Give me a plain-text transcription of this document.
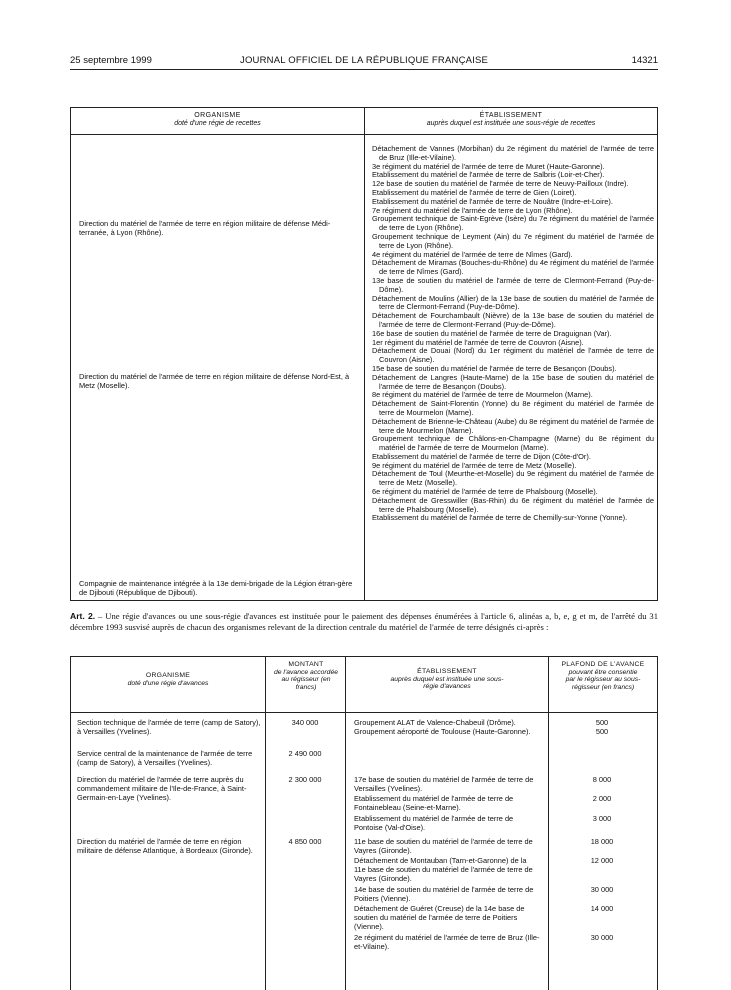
25 septembre 1999	JOURNAL OFFICIEL DE LA RÉPUBLIQUE FRANÇAISE	14321
ORGANISME
doté d'une régie de recettes
ÉTABLISSEMENT
auprès duquel est instituée une sous-régie de recettes
Direction du matériel de l'armée de terre en région militaire de défense Médi-terranée, à Lyon (Rhône).
Direction du matériel de l'armée de terre en région militaire de défense Nord-Est, à Metz (Moselle).
Compagnie de maintenance intégrée à la 13e demi-brigade de la Légion étran-gère de Djibouti (République de Djibouti).
Détachement de Vannes (Morbihan) du 2e régiment du matériel de l'armée de terre de Bruz (Ille-et-Vilaine).
3e régiment du matériel de l'armée de terre de Muret (Haute-Garonne).
Etablissement du matériel de l'armée de terre de Salbris (Loir-et-Cher).
12e base de soutien du matériel de l'armée de terre de Neuvy-Pailloux (Indre).
Etablissement du matériel de l'armée de terre de Gien (Loiret).
Etablissement du matériel de l'armée de terre de Nouâtre (Indre-et-Loire).
7e régiment du matériel de l'armée de terre de Lyon (Rhône).
Groupement technique de Saint-Egrève (Isère) du 7e régiment du matériel de l'armée de terre de Lyon (Rhône).
Groupement technique de Leyment (Ain) du 7e régiment du matériel de l'armée de terre de Lyon (Rhône).
4e régiment du matériel de l'armée de terre de Nîmes (Gard).
Détachement de Miramas (Bouches-du-Rhône) du 4e régiment du matériel de l'armée de terre de Nîmes (Gard).
13e base de soutien du matériel de l'armée de terre de Clermont-Ferrand (Puy-de-Dôme).
Détachement de Moulins (Allier) de la 13e base de soutien du matériel de l'armée de terre de Clermont-Ferrand (Puy-de-Dôme).
Détachement de Fourchambault (Nièvre) de la 13e base de soutien du matériel de l'armée de terre de Clermont-Ferrand (Puy-de-Dôme).
16e base de soutien du matériel de l'armée de terre de Draguignan (Var).
1er régiment du matériel de l'armée de terre de Couvron (Aisne).
Détachement de Douai (Nord) du 1er régiment du matériel de l'armée de terre de Couvron (Aisne).
15e base de soutien du matériel de l'armée de terre de Besançon (Doubs).
Détachement de Langres (Haute-Marne) de la 15e base de soutien du matériel de l'armée de terre de Besançon (Doubs).
8e régiment du matériel de l'armée de terre de Mourmelon (Marne).
Détachement de Saint-Florentin (Yonne) du 8e régiment du matériel de l'armée de terre de Mourmelon (Marne).
Détachement de Brienne-le-Château (Aube) du 8e régiment du matériel de l'armée de terre de Mourmelon (Marne).
Groupement technique de Châlons-en-Champagne (Marne) du 8e régiment du matériel de l'armée de terre de Mourmelon (Marne).
Etablissement du matériel de l'armée de terre de Dijon (Côte-d'Or).
9e régiment du matériel de l'armée de terre de Metz (Moselle).
Détachement de Toul (Meurthe-et-Moselle) du 9e régiment du matériel de l'armée de terre de Metz (Moselle).
6e régiment du matériel de l'armée de terre de Phalsbourg (Moselle).
Détachement de Gresswiller (Bas-Rhin) du 6e régiment du matériel de l'armée de terre de Phalsbourg (Moselle).
Etablissement du matériel de l'armée de terre de Chemilly-sur-Yonne (Yonne).
Art. 2. – Une régie d'avances ou une sous-régie d'avances est instituée pour le paiement des dépenses énumérées à l'article 6, alinéas a, b, e, g et m, de l'arrêté du 31 décembre 1993 susvisé auprès de chacun des organismes relevant de la direction centrale du matériel de l'armée de terre désignés ci-après :
ORGANISME
doté d'une régie d'avances
MONTANT
de l'avance accordée au régisseur (en francs)
ÉTABLISSEMENT
auprès duquel est instituée une sous-régie d'avances
PLAFOND DE L'AVANCE
pouvant être consentie par le régisseur au sous-régisseur (en francs)
Section technique de l'armée de terre (camp de Satory), à Versailles (Yvelines).
Service central de la maintenance de l'armée de terre (camp de Satory), à Versailles (Yvelines).
Direction du matériel de l'armée de terre auprès du commandement militaire de l'Ile-de-France, à Saint-Germain-en-Laye (Yvelines).
Direction du matériel de l'armée de terre en région militaire de défense Atlantique, à Bordeaux (Gironde).
340 000
2 490 000
2 300 000
4 850 000
Groupement ALAT de Valence-Chabeuil (Drôme).
Groupement aéroporté de Toulouse (Haute-Garonne).
17e base de soutien du matériel de l'armée de terre de Versailles (Yvelines).
Etablissement du matériel de l'armée de terre de Fontainebleau (Seine-et-Marne).
Etablissement du matériel de l'armée de terre de Pontoise (Val-d'Oise).
11e base de soutien du matériel de l'armée de terre de Vayres (Gironde).
Détachement de Montauban (Tarn-et-Garonne) de la 11e base de soutien du matériel de l'armée de terre de Vayres (Gironde).
14e base de soutien du matériel de l'armée de terre de Poitiers (Vienne).
Détachement de Guéret (Creuse) de la 14e base de soutien du matériel de l'armée de terre de Poitiers (Vienne).
2e régiment du matériel de l'armée de terre de Bruz (Ille-et-Vilaine).
500
500
8 000
2 000
3 000
18 000
12 000
30 000
14 000
30 000
